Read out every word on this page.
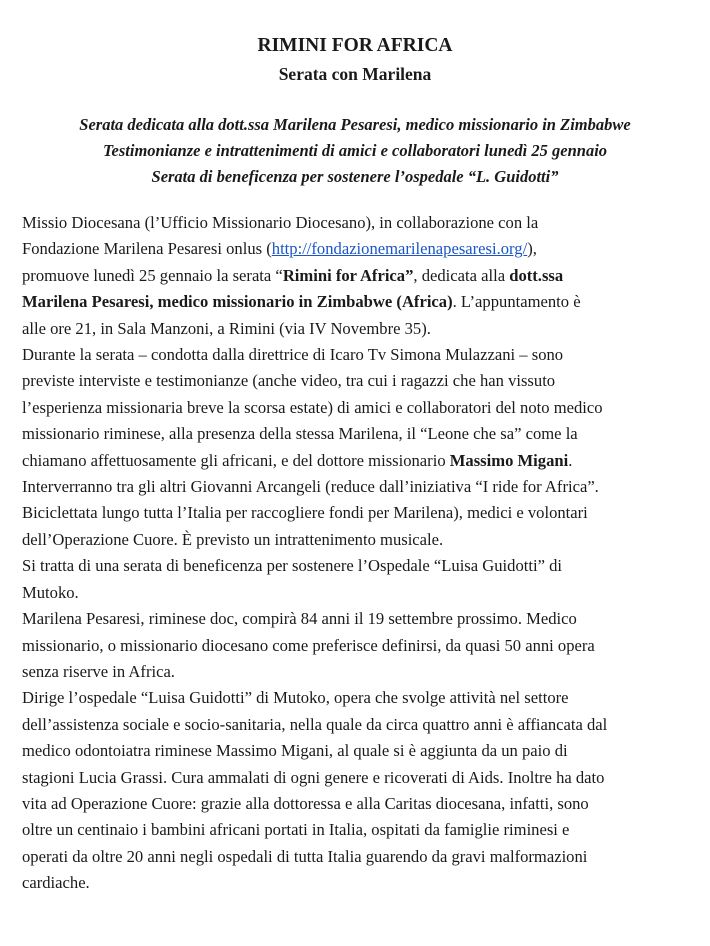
RIMINI FOR AFRICA
Serata con Marilena
Serata dedicata alla dott.ssa Marilena Pesaresi, medico missionario in Zimbabwe
Testimonianze e intrattenimenti di amici e collaboratori lunedì 25 gennaio
Serata di beneficenza per sostenere l’ospedale “L. Guidotti”
Missio Diocesana (l’Ufficio Missionario Diocesano), in collaborazione con la
Fondazione Marilena Pesaresi onlus (http://fondazionemarilenapesaresi.org/),
promuove lunedì 25 gennaio la serata “Rimini for Africa”, dedicata alla dott.ssa
Marilena Pesaresi, medico missionario in Zimbabwe (Africa). L’appuntamento è
alle ore 21, in Sala Manzoni, a Rimini (via IV Novembre 35).
Durante la serata – condotta dalla direttrice di Icaro Tv Simona Mulazzani – sono
previste interviste e testimonianze (anche video, tra cui i ragazzi che han vissuto
l’esperienza missionaria breve la scorsa estate) di amici e collaboratori del noto medico
missionario riminese, alla presenza della stessa Marilena, il “Leone che sa” come la
chiamano affettuosamente gli africani, e del dottore missionario Massimo Migani.
Interverranno tra gli altri Giovanni Arcangeli (reduce dall’iniziativa “I ride for Africa”.
Biciclettata lungo tutta l’Italia per raccogliere fondi per Marilena), medici e volontari
dell’Operazione Cuore. È previsto un intrattenimento musicale.
Si tratta di una serata di beneficenza per sostenere l’Ospedale “Luisa Guidotti” di
Mutoko.
Marilena Pesaresi, riminese doc, compirà 84 anni il 19 settembre prossimo. Medico
missionario, o missionario diocesano come preferisce definirsi, da quasi 50 anni opera
senza riserve in Africa.
Dirige l’ospedale “Luisa Guidotti” di Mutoko, opera che svolge attività nel settore
dell’assistenza sociale e socio-sanitaria, nella quale da circa quattro anni è affiancata dal
medico odontoiatra riminese Massimo Migani, al quale si è aggiunta da un paio di
stagioni Lucia Grassi. Cura ammalati di ogni genere e ricoverati di Aids. Inoltre ha dato
vita ad Operazione Cuore: grazie alla dottoressa e alla Caritas diocesana, infatti, sono
oltre un centinaio i bambini africani portati in Italia, ospitati da famiglie riminesi e
operati da oltre 20 anni negli ospedali di tutta Italia guarendo da gravi malformazioni
cardiache.
